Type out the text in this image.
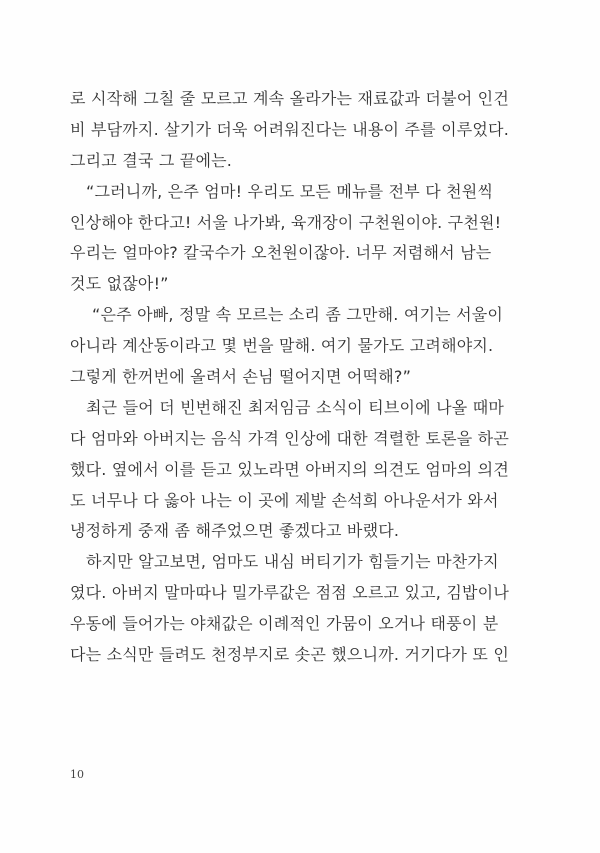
로 시작해 그칠 줄 모르고 계속 올라가는 재료값과 더불어 인건
비 부담까지. 살기가 더욱 어려워진다는 내용이 주를 이루었다.
그리고 결국 그 끝에는.
“그러니까, 은주 엄마! 우리도 모든 메뉴를 전부 다 천원씩
인상해야 한다고! 서울 나가봐, 육개장이 구천원이야. 구천원!
우리는 얼마야? 칼국수가 오천원이잖아. 너무 저렴해서 남는
것도 없잖아!”
“은주 아빠, 정말 속 모르는 소리 좀 그만해. 여기는 서울이
아니라 계산동이라고 몇 번을 말해. 여기 물가도 고려해야지.
그렇게 한꺼번에 올려서 손님 떨어지면 어떡해?”
최근 들어 더 빈번해진 최저임금 소식이 티브이에 나올 때마
다 엄마와 아버지는 음식 가격 인상에 대한 격렬한 토론을 하곤
했다. 옆에서 이를 듣고 있노라면 아버지의 의견도 엄마의 의견
도 너무나 다 옳아 나는 이 곳에 제발 손석희 아나운서가 와서
냉정하게 중재 좀 해주었으면 좋겠다고 바랬다.
하지만 알고보면, 엄마도 내심 버티기가 힘들기는 마찬가지
였다. 아버지 말마따나 밀가루값은 점점 오르고 있고, 김밥이나
우동에 들어가는 야채값은 이례적인 가뭄이 오거나 태풍이 분
다는 소식만 들려도 천정부지로 솟곤 했으니까. 거기다가 또 인
10
